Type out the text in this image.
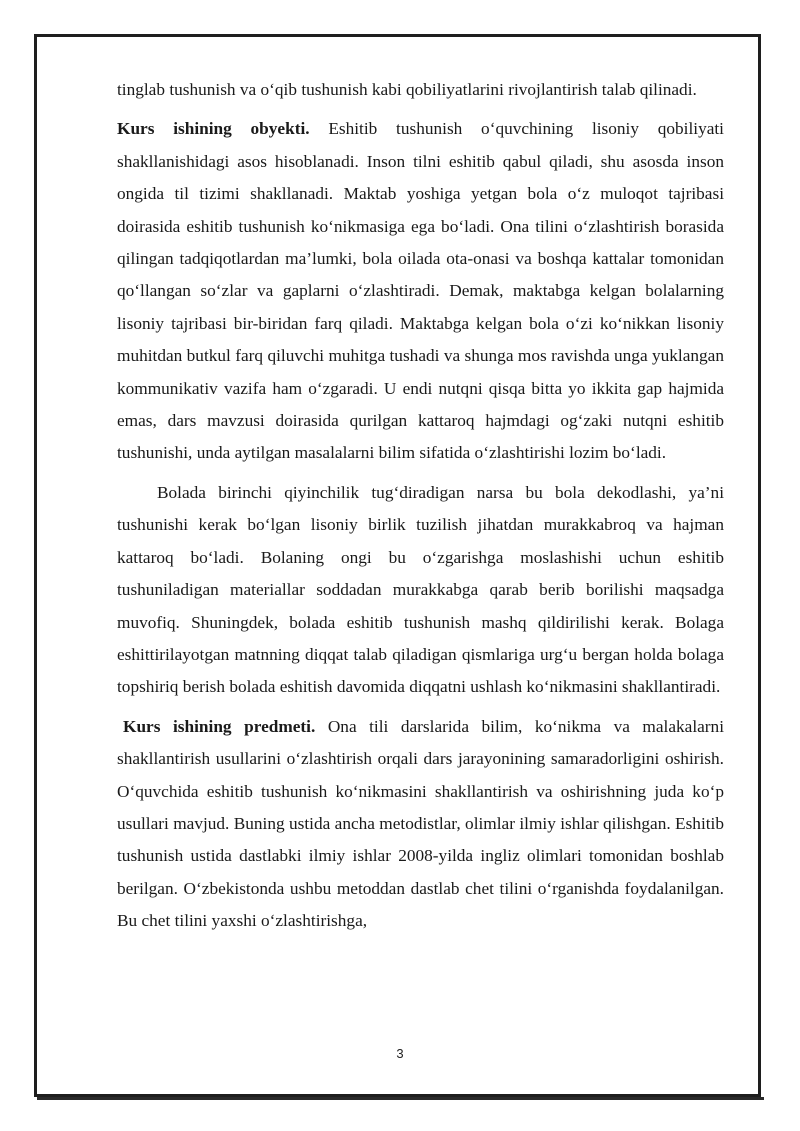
tinglab tushunish va o‘qib tushunish kabi qobiliyatlarini rivojlantirish talab qilinadi.

Kurs ishining obyekti. Eshitib tushunish o‘quvchining lisoniy qobiliyati shakllanishidagi asos hisoblanadi. Inson tilni eshitib qabul qiladi, shu asosda inson ongida til tizimi shakllanadi. Maktab yoshiga yetgan bola o‘z muloqot tajribasi doirasida eshitib tushunish ko‘nikmasiga ega bo‘ladi. Ona tilini o‘zlashtirish borasida qilingan tadqiqotlardan ma’lumki, bola oilada ota-onasi va boshqa kattalar tomonidan qo‘llangan so‘zlar va gaplarni o‘zlashtiradi. Demak, maktabga kelgan bolalarning lisoniy tajribasi bir-biridan farq qiladi. Maktabga kelgan bola o‘zi ko‘nikkan lisoniy muhitdan butkul farq qiluvchi muhitga tushadi va shunga mos ravishda unga yuklangan kommunikativ vazifa ham o‘zgaradi. U endi nutqni qisqa bitta yo ikkita gap hajmida emas, dars mavzusi doirasida qurilgan kattaroq hajmdagi og‘zaki nutqni eshitib tushunishi, unda aytilgan masalalarni bilim sifatida o‘zlashtirishi lozim bo‘ladi.

Bolada birinchi qiyinchilik tug‘diradigan narsa bu bola dekodlashi, ya’ni tushunishi kerak bo‘lgan lisoniy birlik tuzilish jihatdan murakkabroq va hajman kattaroq bo‘ladi. Bolaning ongi bu o‘zgarishga moslashishi uchun eshitib tushuniladigan materiallar soddadan murakkabga qarab berib borilishi maqsadga muvofiq. Shuningdek, bolada eshitib tushunish mashq qildirilishi kerak. Bolaga eshittirilayotgan matnning diqqat talab qiladigan qismlariga urg‘u bergan holda bolaga topshiriq berish bolada eshitish davomida diqqatni ushlash ko‘nikmasini shakllantiradi.

Kurs ishining predmeti. Ona tili darslarida bilim, ko‘nikma va malakalarni shakllantirish usullarini o‘zlashtirish orqali dars jarayonining samaradorligini oshirish. O‘quvchida eshitib tushunish ko‘nikmasini shakllantirish va oshirishning juda ko‘p usullari mavjud. Buning ustida ancha metodistlar, olimlar ilmiy ishlar qilishgan. Eshitib tushunish ustida dastlabki ilmiy ishlar 2008-yilda ingliz olimlari tomonidan boshlab berilgan. O‘zbekistonda ushbu metoddan dastlab chet tilini o‘rganishda foydalanilgan. Bu chet tilini yaxshi o‘zlashtirishga,

3
